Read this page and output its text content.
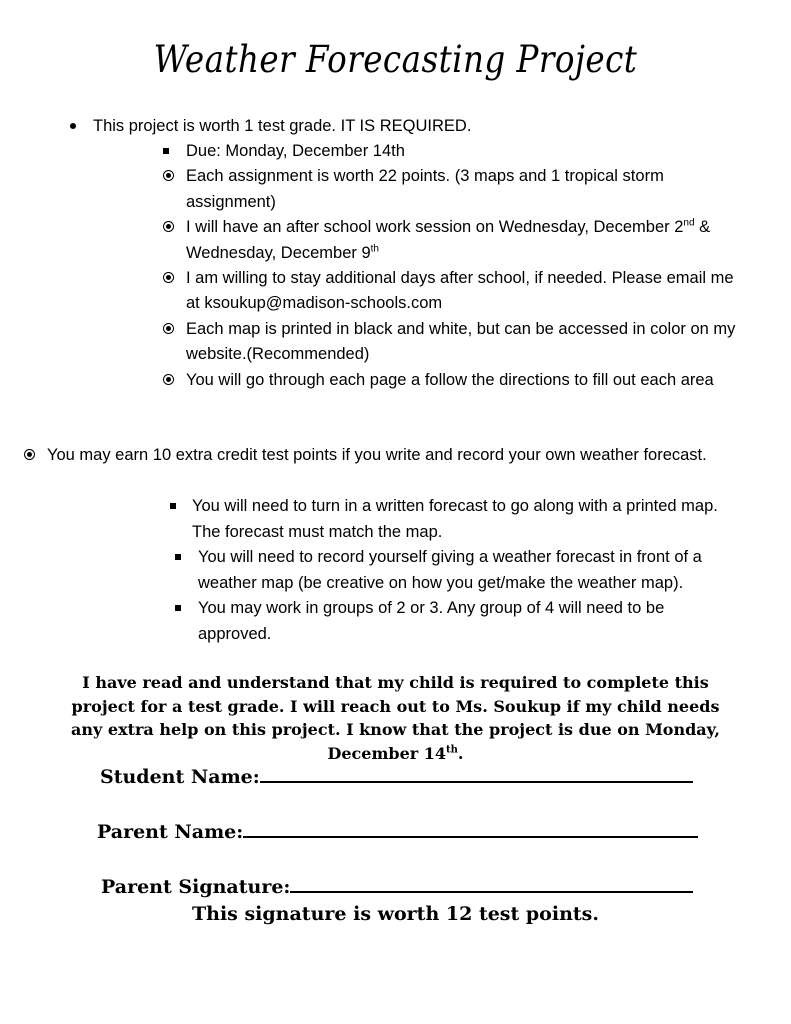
Weather Forecasting Project
This project is worth 1 test grade. IT IS REQUIRED.
Due: Monday, December 14th
Each assignment is worth 22 points. (3 maps and 1 tropical storm
assignment)
I will have an after school work session on Wednesday, December 2nd &
Wednesday, December 9th
I am willing to stay additional days after school, if needed. Please email me
at ksoukup@madison-schools.com
Each map is printed in black and white, but can be accessed in color on my
website.(Recommended)
You will go through each page a follow the directions to fill out each area
You may earn 10 extra credit test points if you write and record your own weather forecast.
You will need to turn in a written forecast to go along with a printed map.
The forecast must match the map.
You will need to record yourself giving a weather forecast in front of a
weather map (be creative on how you get/make the weather map).
You may work in groups of 2 or 3. Any group of 4 will need to be
approved.
I have read and understand that my child is required to complete this
project for a test grade. I will reach out to Ms. Soukup if my child needs
any extra help on this project. I know that the project is due on Monday,
December 14th.
Student Name:
Parent Name:
Parent Signature:
This signature is worth 12 test points.
